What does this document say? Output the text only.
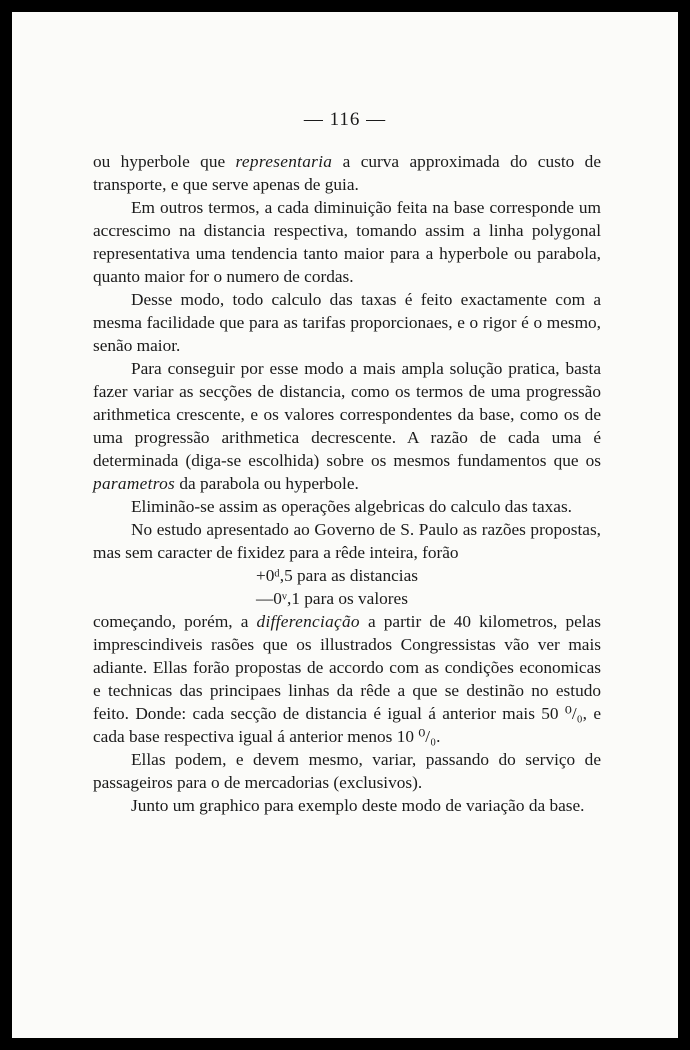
— 116 —

ou hyperbole que representaria a curva approximada do custo de transporte, e que serve apenas de guia.

Em outros termos, a cada diminuição feita na base corresponde um accrescimo na distancia respectiva, tomando assim a linha polygonal representativa uma tendencia tanto maior para a hyperbole ou parabola, quanto maior for o numero de cordas.

Desse modo, todo calculo das taxas é feito exactamente com a mesma facilidade que para as tarifas proporcionaes, e o rigor é o mesmo, senão maior.

Para conseguir por esse modo a mais ampla solução pratica, basta fazer variar as secções de distancia, como os termos de uma progressão arithmetica crescente, e os valores correspondentes da base, como os de uma progressão arithmetica decrescente. A razão de cada uma é determinada (diga-se escolhida) sobre os mesmos fundamentos que os parametros da parabola ou hyperbole.

Eliminão-se assim as operações algebricas do calculo das taxas.

No estudo apresentado ao Governo de S. Paulo as razões propostas, mas sem caracter de fixidez para a rêde inteira, forão

+0ᵈ,5 para as distancias
—0ᵛ,1 para os valores

começando, porém, a differenciação a partir de 40 kilometros, pelas imprescindiveis rasões que os illustrados Congressistas vão ver mais adiante. Ellas forão propostas de accordo com as condições economicas e technicas das principaes linhas da rêde a que se destinão no estudo feito. Donde: cada secção de distancia é igual á anterior mais 50 ⁰/₀, e cada base respectiva igual á anterior menos 10 ⁰/₀.

Ellas podem, e devem mesmo, variar, passando do serviço de passageiros para o de mercadorias (exclusivos).

Junto um graphico para exemplo deste modo de variação da base.
